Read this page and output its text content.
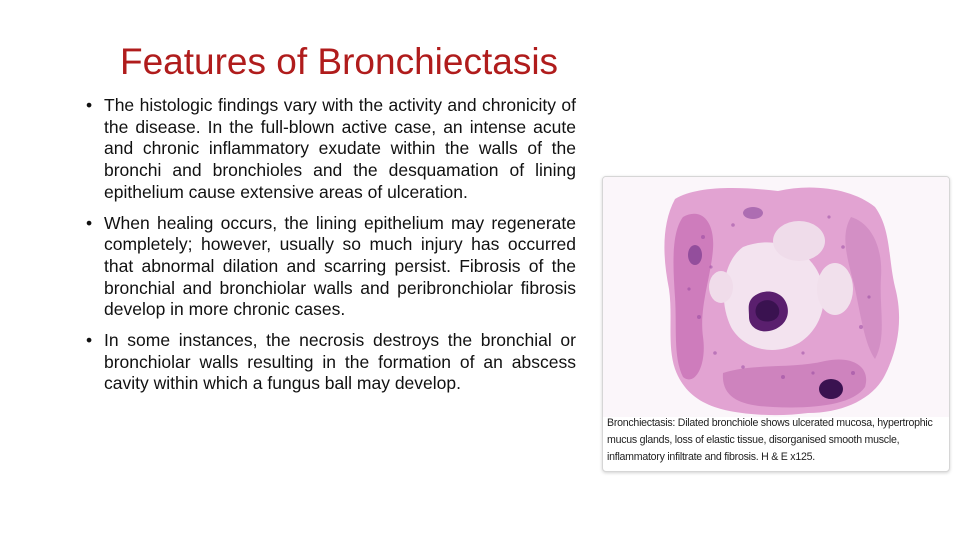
Features of Bronchiectasis
• The histologic findings vary with the activity and chronicity of the disease. In the full-blown active case, an intense acute and chronic inflammatory exudate within the walls of the bronchi and bronchioles and the desquamation of lining epithelium cause extensive areas of ulceration.
• When healing occurs, the lining epithelium may regenerate completely; however, usually so much injury has occurred that abnormal dilation and scarring persist. Fibrosis of the bronchial and bronchiolar walls and peribronchiolar fibrosis develop in more chronic cases.
• In some instances, the necrosis destroys the bronchial or bronchiolar walls resulting in the formation of an abscess cavity within which a fungus ball may develop.

Bronchiectasis: Dilated bronchiole shows ulcerated mucosa, hypertrophic mucus glands, loss of elastic tissue, disorganised smooth muscle, inflammatory infiltrate and fibrosis. H & E x125.
